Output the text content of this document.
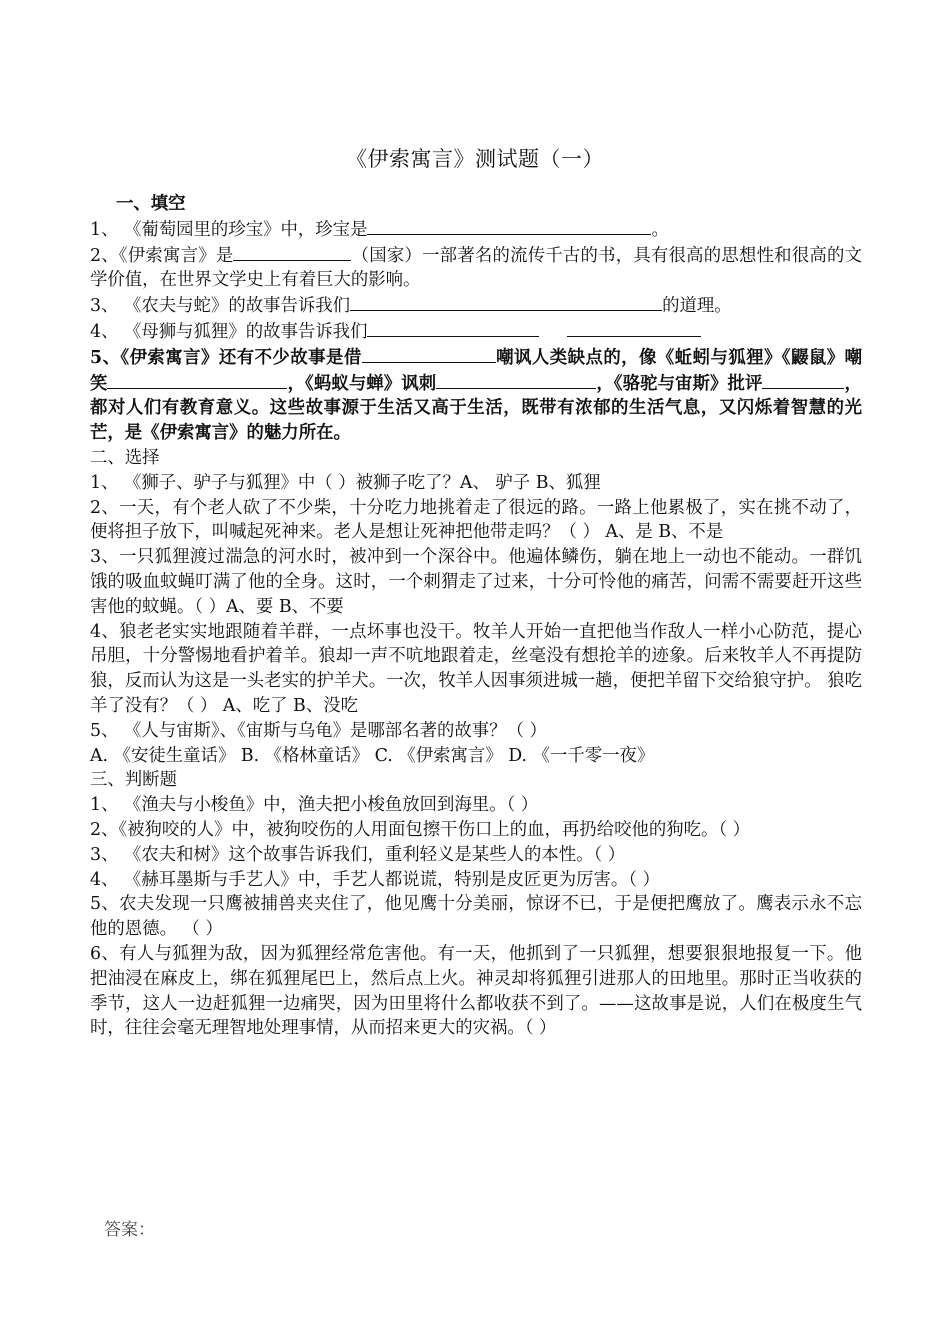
《伊索寓言》测试题（一）
一、填空
1、 《葡萄园里的珍宝》中，珍宝是	。
2、《伊索寓言》是	（国家）一部著名的流传千古的书，具有很高的思想性和很高的文学价值，在世界文学史上有着巨大的影响。
3、 《农夫与蛇》的故事告诉我们	的道理。
4、 《母狮与狐狸》的故事告诉我们
5、《伊索寓言》还有不少故事是借	嘲讽人类缺点的，像《蚯蚓与狐狸》《鼹鼠》嘲笑	，《蚂蚁与蝉》讽刺	，《骆驼与宙斯》批评	，都对人们有教育意义。这些故事源于生活又高于生活，既带有浓郁的生活气息，又闪烁着智慧的光芒，是《伊索寓言》的魅力所在。
二、选择
1、 《狮子、驴子与狐狸》中（ ）被狮子吃了？A、 驴子 B、狐狸
2、一天，有个老人砍了不少柴，十分吃力地挑着走了很远的路。一路上他累极了，实在挑不动了，便将担子放下，叫喊起死神来。老人是想让死神把他带走吗？（ ） A、是 B、不是
3、一只狐狸渡过湍急的河水时，被冲到一个深谷中。他遍体鳞伤，躺在地上一动也不能动。一群饥饿的吸血蚊蝇叮满了他的全身。这时，一个刺猬走了过来，十分可怜他的痛苦，问需不需要赶开这些害他的蚊蝇。（ ）A、要 B、不要
4、狼老老实实地跟随着羊群，一点坏事也没干。牧羊人开始一直把他当作敌人一样小心防范，提心吊胆，十分警惕地看护着羊。狼却一声不吭地跟着走，丝毫没有想抢羊的迹象。后来牧羊人不再提防狼，反而认为这是一头老实的护羊犬。一次，牧羊人因事须进城一趟，便把羊留下交给狼守护。 狼吃羊了没有？（ ） A、吃了 B、没吃
5、 《人与宙斯》、《宙斯与乌龟》是哪部名著的故事？（ ）
A. 《安徒生童话》 B. 《格林童话》 C. 《伊索寓言》 D. 《一千零一夜》
三、判断题
1、 《渔夫与小梭鱼》中，渔夫把小梭鱼放回到海里。（ ）
2、《被狗咬的人》中，被狗咬伤的人用面包擦干伤口上的血，再扔给咬他的狗吃。（ ）
3、 《农夫和树》这个故事告诉我们，重利轻义是某些人的本性。（ ）
4、 《赫耳墨斯与手艺人》中，手艺人都说谎，特别是皮匠更为厉害。（ ）
5、农夫发现一只鹰被捕兽夹夹住了，他见鹰十分美丽，惊讶不已，于是便把鹰放了。鹰表示永不忘他的恩德。 （ ）
6、有人与狐狸为敌，因为狐狸经常危害他。有一天，他抓到了一只狐狸，想要狠狠地报复一下。他把油浸在麻皮上，绑在狐狸尾巴上，然后点上火。神灵却将狐狸引进那人的田地里。那时正当收获的季节，这人一边赶狐狸一边痛哭，因为田里将什么都收获不到了。——这故事是说，人们在极度生气时，往往会毫无理智地处理事情，从而招来更大的灾祸。（ ）
答案：
